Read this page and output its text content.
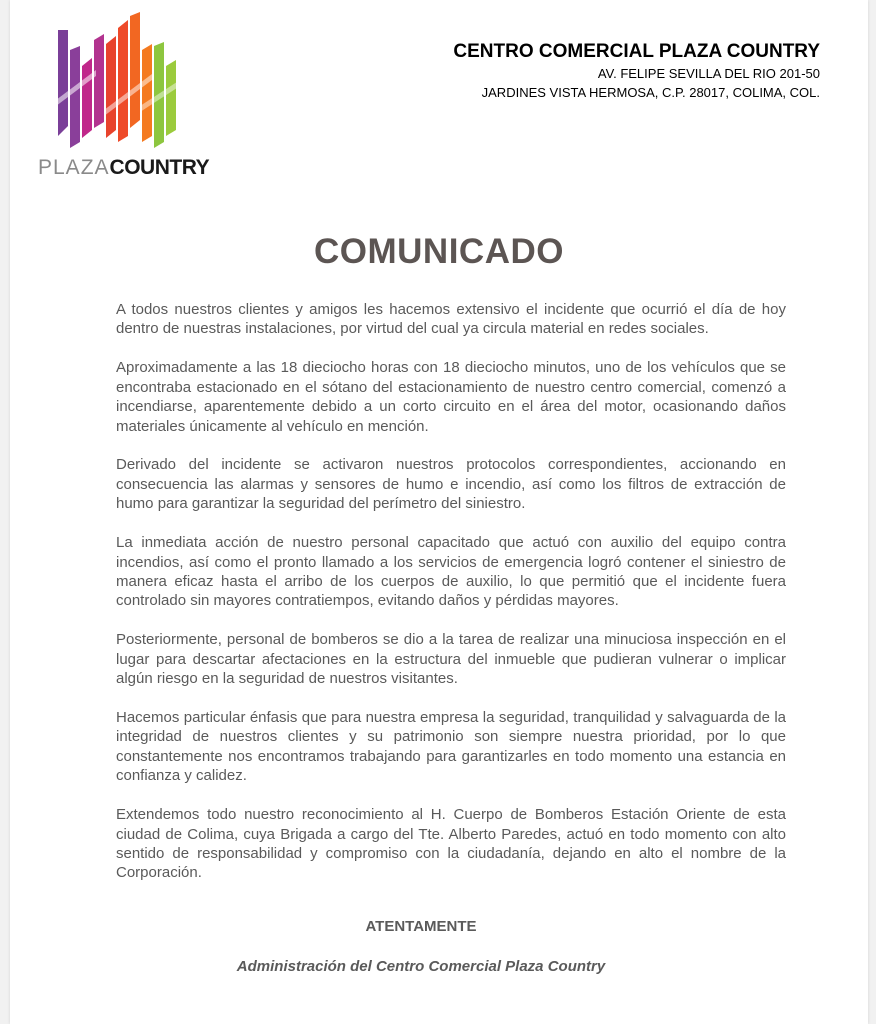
PLAZACOUNTRY
CENTRO COMERCIAL PLAZA COUNTRY
AV. FELIPE SEVILLA DEL RIO 201-50
JARDINES VISTA HERMOSA, C.P. 28017, COLIMA, COL.
COMUNICADO

A todos nuestros clientes y amigos les hacemos extensivo el incidente que ocurrió el día de hoy dentro de nuestras instalaciones, por virtud del cual ya circula material en redes sociales.

Aproximadamente a las 18 dieciocho horas con 18 dieciocho minutos, uno de los vehículos que se encontraba estacionado en el sótano del estacionamiento de nuestro centro comercial, comenzó a incendiarse, aparentemente debido a un corto circuito en el área del motor, ocasionando daños materiales únicamente al vehículo en mención.

Derivado del incidente se activaron nuestros protocolos correspondientes, accionando en consecuencia las alarmas y sensores de humo e incendio, así como los filtros de extracción de humo para garantizar la seguridad del perímetro del siniestro.

La inmediata acción de nuestro personal capacitado que actuó con auxilio del equipo contra incendios, así como el pronto llamado a los servicios de emergencia logró contener el siniestro de manera eficaz hasta el arribo de los cuerpos de auxilio, lo que permitió que el incidente fuera controlado sin mayores contratiempos, evitando daños y pérdidas mayores.

Posteriormente, personal de bomberos se dio a la tarea de realizar una minuciosa inspección en el lugar para descartar afectaciones en la estructura del inmueble que pudieran vulnerar o implicar algún riesgo en la seguridad de nuestros visitantes.

Hacemos particular énfasis que para nuestra empresa la seguridad, tranquilidad y salvaguarda de la integridad de nuestros clientes y su patrimonio son siempre nuestra prioridad, por lo que constantemente nos encontramos trabajando para garantizarles en todo momento una estancia en confianza y calidez.

Extendemos todo nuestro reconocimiento al H. Cuerpo de Bomberos Estación Oriente de esta ciudad de Colima, cuya Brigada a cargo del Tte. Alberto Paredes, actuó en todo momento con alto sentido de responsabilidad y compromiso con la ciudadanía, dejando en alto el nombre de la Corporación.

ATENTAMENTE
Administración del Centro Comercial Plaza Country
